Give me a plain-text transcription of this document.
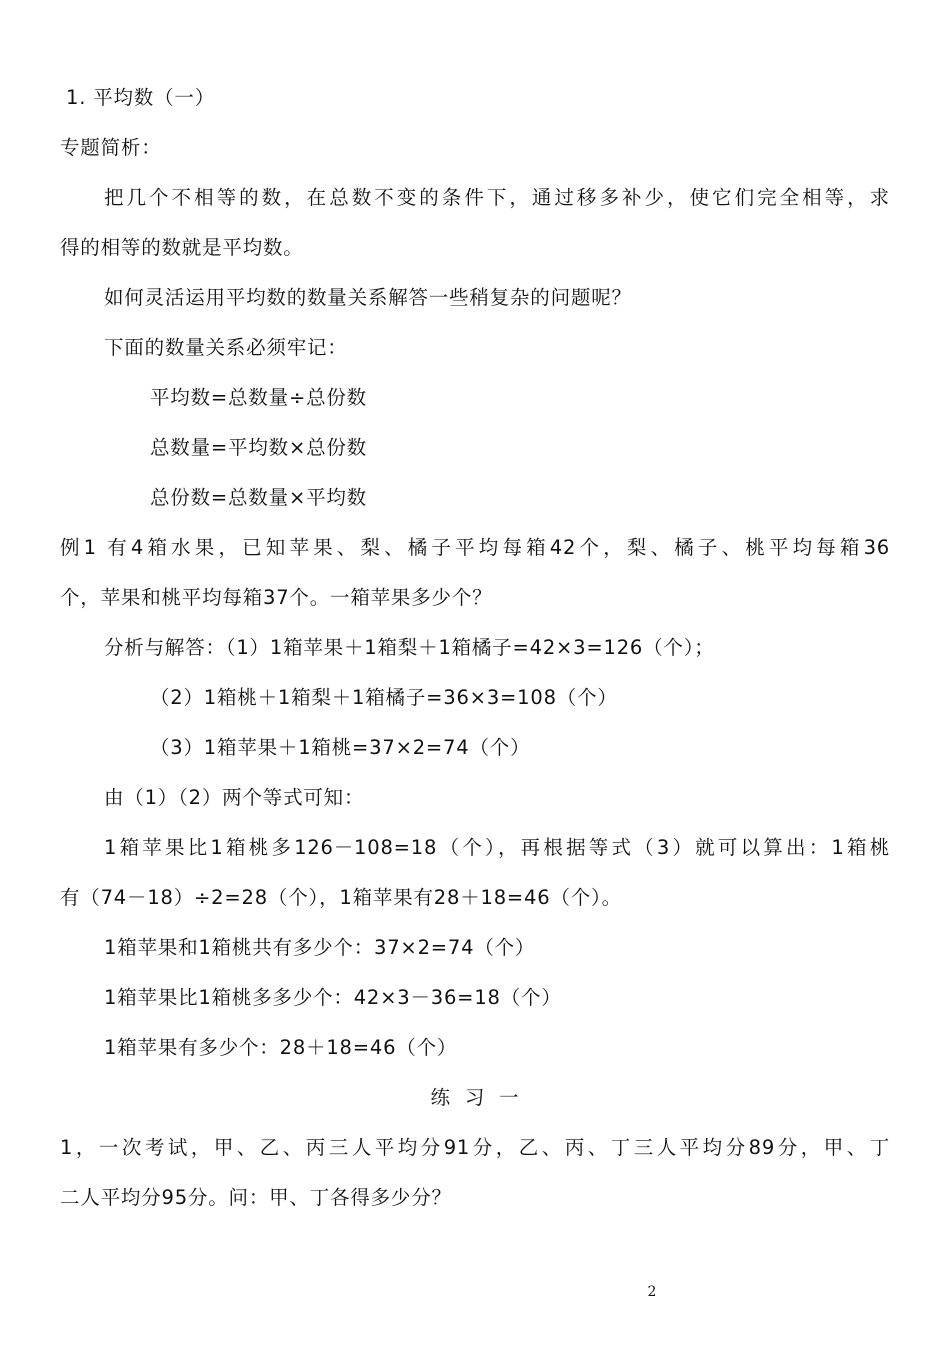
1. 平均数（一）
专题简析：
把几个不相等的数，在总数不变的条件下，通过移多补少，使它们完全相等，求
得的相等的数就是平均数。
如何灵活运用平均数的数量关系解答一些稍复杂的问题呢？
下面的数量关系必须牢记：
平均数=总数量÷总份数
总数量=平均数×总份数
总份数=总数量×平均数
例1 有4箱水果，已知苹果、梨、橘子平均每箱42个，梨、橘子、桃平均每箱36
个，苹果和桃平均每箱37个。一箱苹果多少个？
分析与解答：（1）1箱苹果＋1箱梨＋1箱橘子=42×3=126（个）；
（2）1箱桃＋1箱梨＋1箱橘子=36×3=108（个）
（3）1箱苹果＋1箱桃=37×2=74（个）
由（1）（2）两个等式可知：
1箱苹果比1箱桃多126－108=18（个），再根据等式（3）就可以算出：1箱桃
有（74－18）÷2=28（个），1箱苹果有28＋18=46（个）。
1箱苹果和1箱桃共有多少个：37×2=74（个）
1箱苹果比1箱桃多多少个：42×3－36=18（个）
1箱苹果有多少个：28＋18=46（个）
练  习  一
1，一次考试，甲、乙、丙三人平均分91分，乙、丙、丁三人平均分89分，甲、丁
二人平均分95分。问：甲、丁各得多少分？
2
